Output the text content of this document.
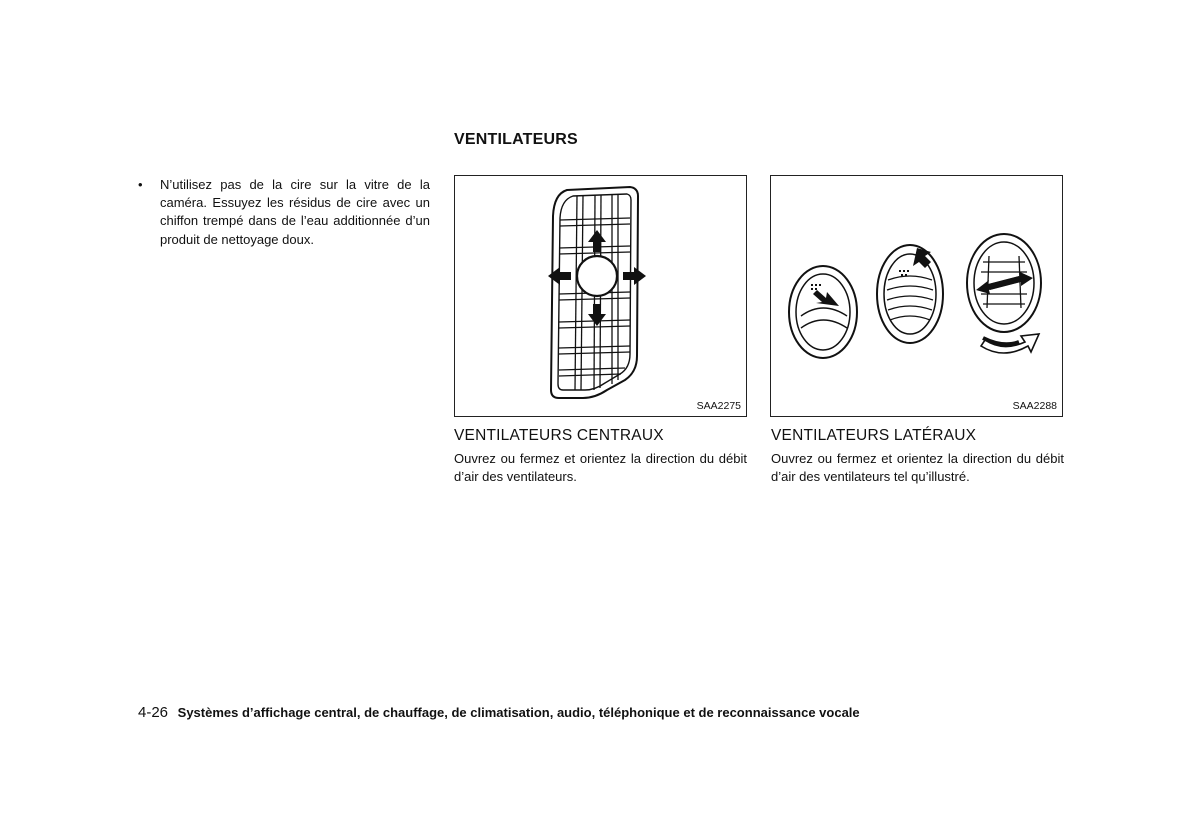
VENTILATEURS
• N’utilisez pas de la cire sur la vitre de la caméra. Essuyez les résidus de cire avec un chiffon trempé dans de l’eau additionnée d’un produit de nettoyage doux.
SAA2275	SAA2288
VENTILATEURS CENTRAUX
Ouvrez ou fermez et orientez la direction du débit d’air des ventilateurs.
VENTILATEURS LATÉRAUX
Ouvrez ou fermez et orientez la direction du débit d’air des ventilateurs tel qu’illustré.
4-26 Systèmes d’affichage central, de chauffage, de climatisation, audio, téléphonique et de reconnaissance vocale
